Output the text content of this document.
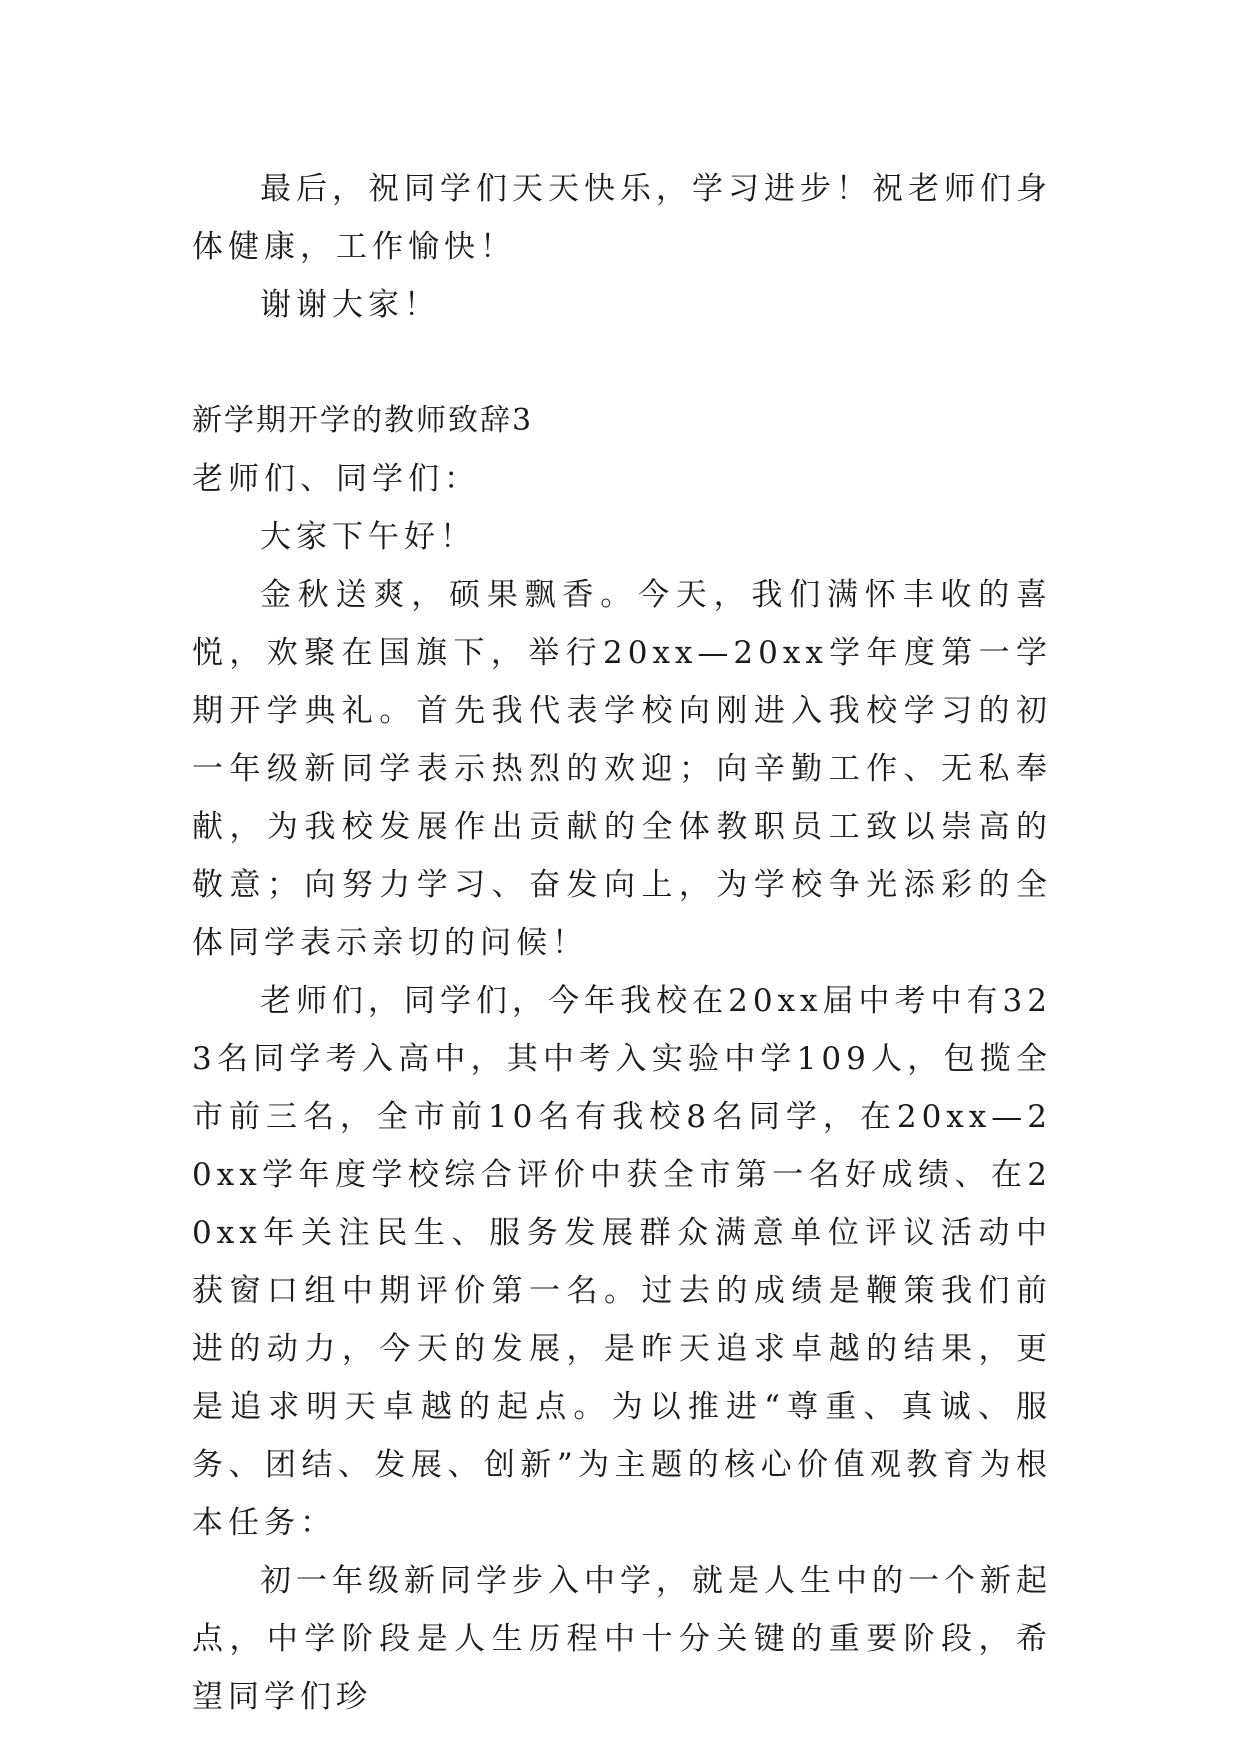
最后，祝同学们天天快乐，学习进步！祝老师们身体健康，工作愉快！

谢谢大家！

新学期开学的教师致辞3

老师们、同学们：

大家下午好！

金秋送爽，硕果飘香。今天，我们满怀丰收的喜悦，欢聚在国旗下，举行20xx—20xx学年度第一学期开学典礼。首先我代表学校向刚进入我校学习的初一年级新同学表示热烈的欢迎；向辛勤工作、无私奉献，为我校发展作出贡献的全体教职员工致以崇高的敬意；向努力学习、奋发向上，为学校争光添彩的全体同学表示亲切的问候！

老师们，同学们，今年我校在20xx届中考中有323名同学考入高中，其中考入实验中学109人，包揽全市前三名，全市前10名有我校8名同学，在20xx—20xx学年度学校综合评价中获全市第一名好成绩、在20xx年关注民生、服务发展群众满意单位评议活动中获窗口组中期评价第一名。过去的成绩是鞭策我们前进的动力，今天的发展，是昨天追求卓越的结果，更是追求明天卓越的起点。为以推进“尊重、真诚、服务、团结、发展、创新”为主题的核心价值观教育为根本任务：

初一年级新同学步入中学，就是人生中的一个新起点，中学阶段是人生历程中十分关键的重要阶段，希望同学们珍
